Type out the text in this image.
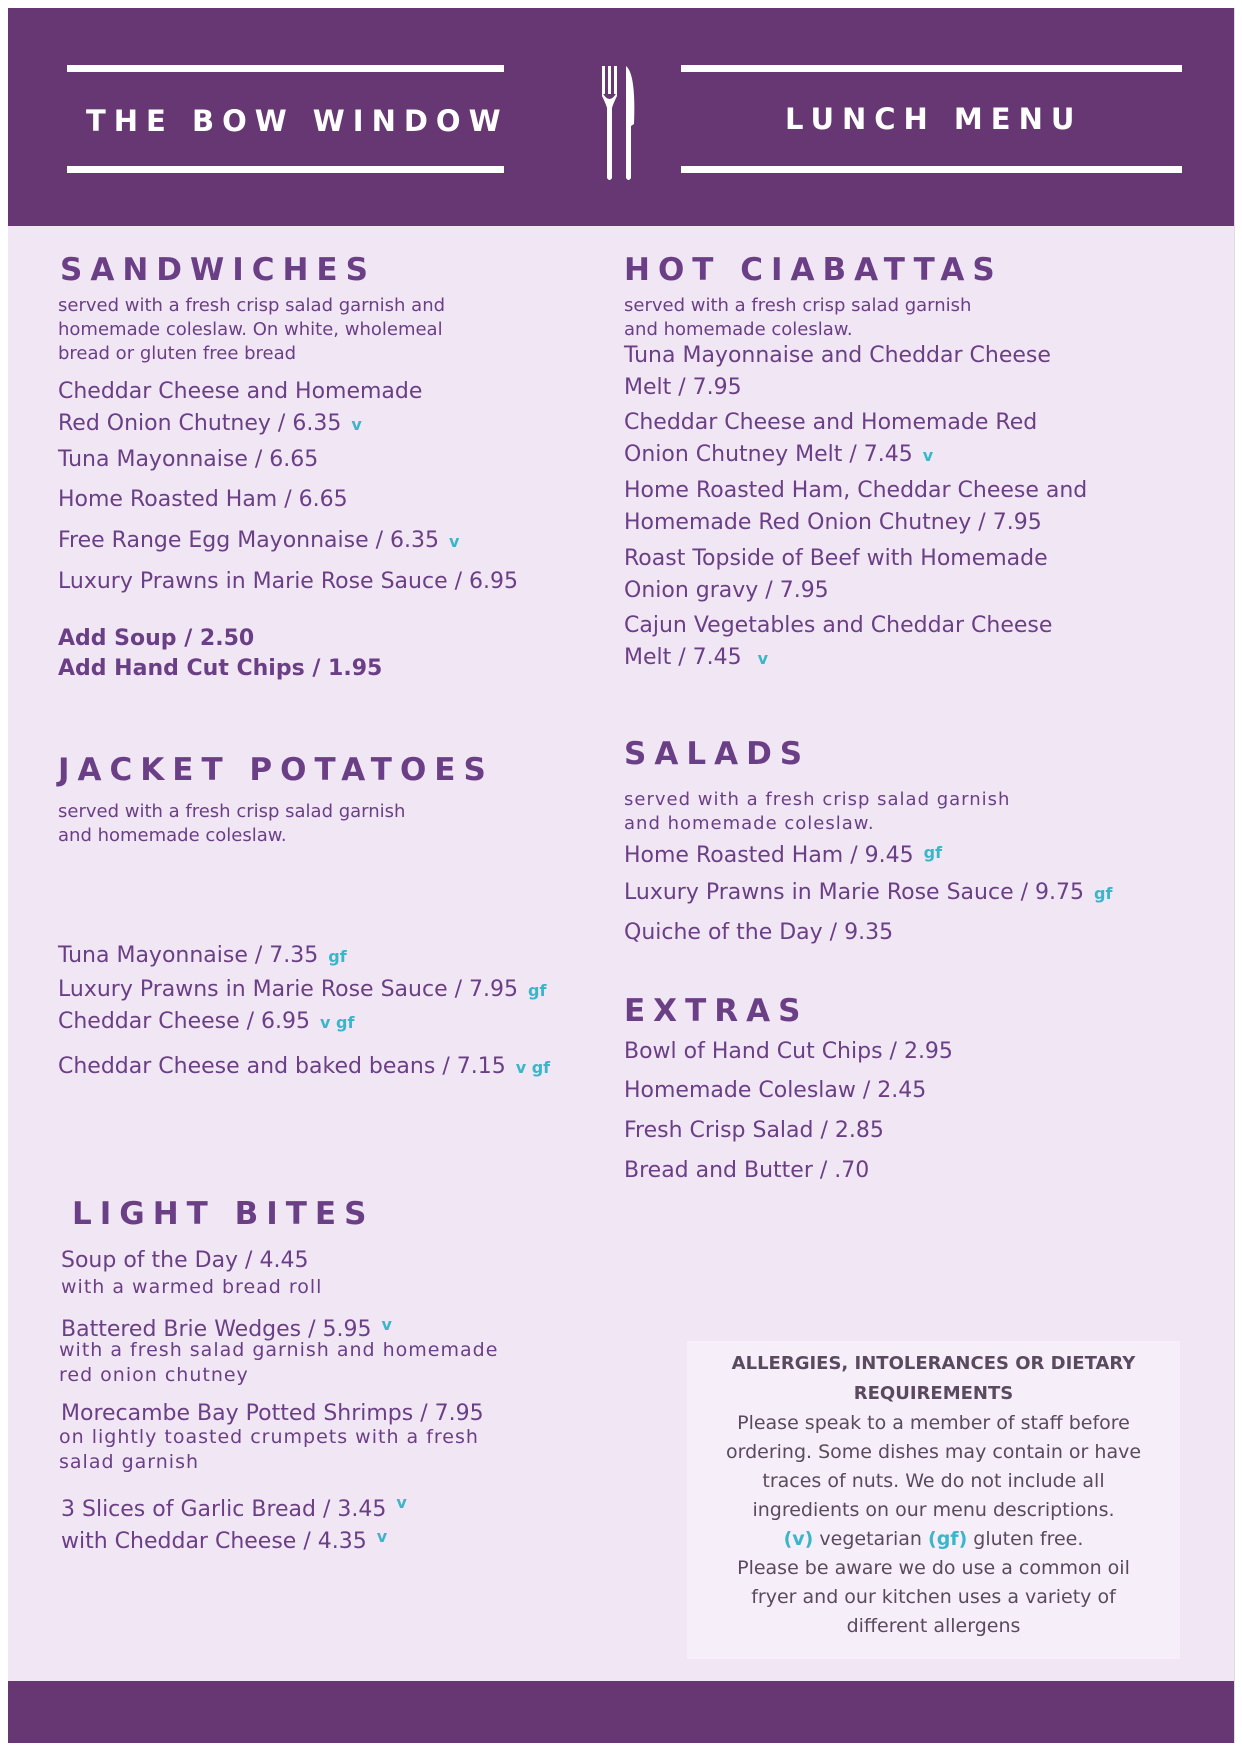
THE BOW WINDOW	LUNCH MENU
SANDWICHES
served with a fresh crisp salad garnish and
homemade coleslaw. On white, wholemeal
bread or gluten free bread
Cheddar Cheese and Homemade
Red Onion Chutney / 6.35 v
Tuna Mayonnaise / 6.65
Home Roasted Ham / 6.65
Free Range Egg Mayonnaise / 6.35 v
Luxury Prawns in Marie Rose Sauce / 6.95
Add Soup / 2.50
Add Hand Cut Chips / 1.95
JACKET POTATOES
served with a fresh crisp salad garnish
and homemade coleslaw.
Tuna Mayonnaise / 7.35 gf
Luxury Prawns in Marie Rose Sauce / 7.95 gf
Cheddar Cheese / 6.95 v gf
Cheddar Cheese and baked beans / 7.15 v gf
LIGHT BITES
Soup of the Day / 4.45
with a warmed bread roll
Battered Brie Wedges / 5.95 $^v$
with a fresh salad garnish and homemade
red onion chutney
Morecambe Bay Potted Shrimps / 7.95
on lightly toasted crumpets with a fresh
salad garnish
3 Slices of Garlic Bread / 3.45 $^v$
with Cheddar Cheese / 4.35 $^v$
HOT CIABATTAS
served with a fresh crisp salad garnish
and homemade coleslaw.
Tuna Mayonnaise and Cheddar Cheese
Melt / 7.95
Cheddar Cheese and Homemade Red
Onion Chutney Melt / 7.45 v
Home Roasted Ham, Cheddar Cheese and
Homemade Red Onion Chutney / 7.95
Roast Topside of Beef with Homemade
Onion gravy / 7.95
Cajun Vegetables and Cheddar Cheese
Melt / 7.45 v
SALADS
served with a fresh crisp salad garnish
and homemade coleslaw.
Home Roasted Ham / 9.45 gf
Luxury Prawns in Marie Rose Sauce / 9.75 gf
Quiche of the Day / 9.35
EXTRAS
Bowl of Hand Cut Chips / 2.95
Homemade Coleslaw / 2.45
Fresh Crisp Salad / 2.85
Bread and Butter / .70
ALLERGIES, INTOLERANCES OR DIETARY
REQUIREMENTS
Please speak to a member of staff before
ordering. Some dishes may contain or have
traces of nuts. We do not include all
ingredients on our menu descriptions.
(v) vegetarian (gf) gluten free.
Please be aware we do use a common oil
fryer and our kitchen uses a variety of
different allergens
